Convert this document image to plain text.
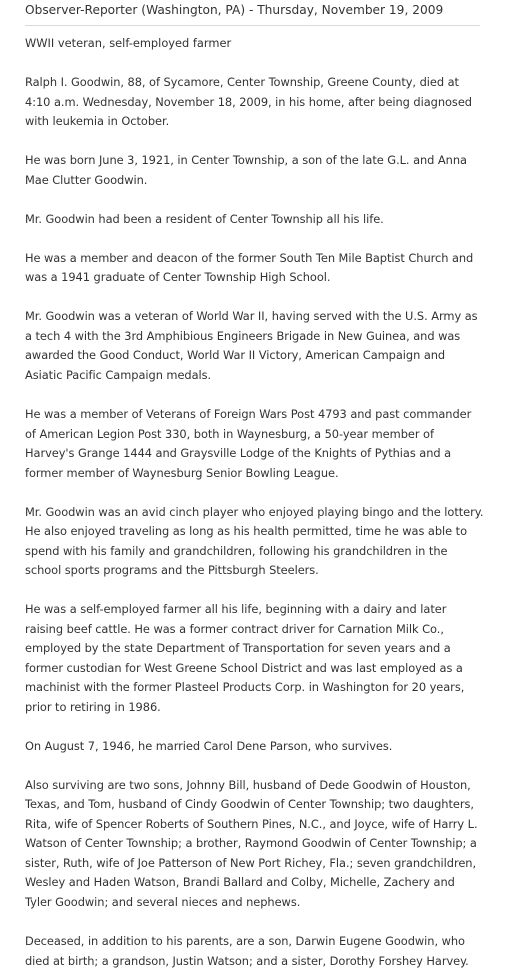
Observer-Reporter (Washington, PA) - Thursday, November 19, 2009
WWII veteran, self-employed farmer
Ralph I. Goodwin, 88, of Sycamore, Center Township, Greene County, died at 4:10 a.m. Wednesday, November 18, 2009, in his home, after being diagnosed with leukemia in October.
He was born June 3, 1921, in Center Township, a son of the late G.L. and Anna Mae Clutter Goodwin.
Mr. Goodwin had been a resident of Center Township all his life.
He was a member and deacon of the former South Ten Mile Baptist Church and was a 1941 graduate of Center Township High School.
Mr. Goodwin was a veteran of World War II, having served with the U.S. Army as a tech 4 with the 3rd Amphibious Engineers Brigade in New Guinea, and was awarded the Good Conduct, World War II Victory, American Campaign and Asiatic Pacific Campaign medals.
He was a member of Veterans of Foreign Wars Post 4793 and past commander of American Legion Post 330, both in Waynesburg, a 50-year member of Harvey's Grange 1444 and Graysville Lodge of the Knights of Pythias and a former member of Waynesburg Senior Bowling League.
Mr. Goodwin was an avid cinch player who enjoyed playing bingo and the lottery. He also enjoyed traveling as long as his health permitted, time he was able to spend with his family and grandchildren, following his grandchildren in the school sports programs and the Pittsburgh Steelers.
He was a self-employed farmer all his life, beginning with a dairy and later raising beef cattle. He was a former contract driver for Carnation Milk Co., employed by the state Department of Transportation for seven years and a former custodian for West Greene School District and was last employed as a machinist with the former Plasteel Products Corp. in Washington for 20 years, prior to retiring in 1986.
On August 7, 1946, he married Carol Dene Parson, who survives.
Also surviving are two sons, Johnny Bill, husband of Dede Goodwin of Houston, Texas, and Tom, husband of Cindy Goodwin of Center Township; two daughters, Rita, wife of Spencer Roberts of Southern Pines, N.C., and Joyce, wife of Harry L. Watson of Center Township; a brother, Raymond Goodwin of Center Township; a sister, Ruth, wife of Joe Patterson of New Port Richey, Fla.; seven grandchildren, Wesley and Haden Watson, Brandi Ballard and Colby, Michelle, Zachery and Tyler Goodwin; and several nieces and nephews.
Deceased, in addition to his parents, are a son, Darwin Eugene Goodwin, who died at birth; a grandson, Justin Watson; and a sister, Dorothy Forshey Harvey.
